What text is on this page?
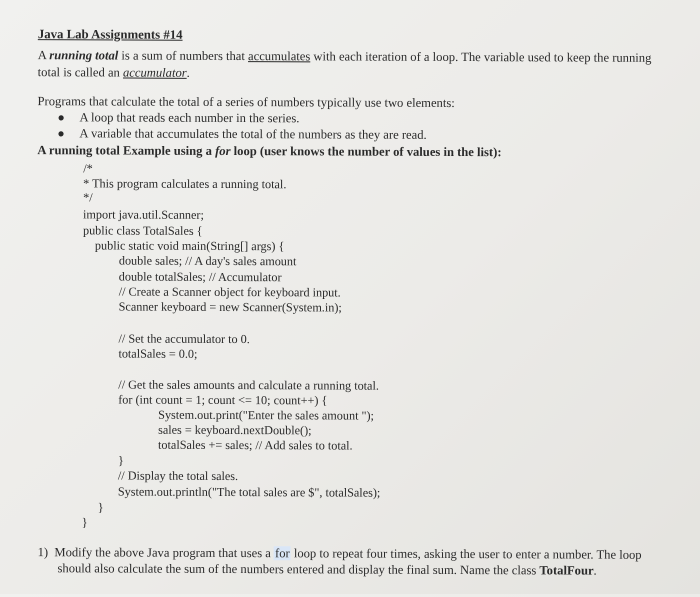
Java Lab Assignments #14
A running total is a sum of numbers that accumulates with each iteration of a loop. The variable used to keep the running
total is called an accumulator.
Programs that calculate the total of a series of numbers typically use two elements:
● A loop that reads each number in the series.
● A variable that accumulates the total of the numbers as they are read.
A running total Example using a for loop (user knows the number of values in the list):
/*
* This program calculates a running total.
*/
import java.util.Scanner;
public class TotalSales {
public static void main(String[] args) {
double sales; // A day's sales amount
double totalSales; // Accumulator
// Create a Scanner object for keyboard input.
Scanner keyboard = new Scanner(System.in);
// Set the accumulator to 0.
totalSales = 0.0;
// Get the sales amounts and calculate a running total.
for (int count = 1; count <= 10; count++) {
System.out.print("Enter the sales amount ");
sales = keyboard.nextDouble();
totalSales += sales; // Add sales to total.
}
// Display the total sales.
System.out.println("The total sales are $", totalSales);
}
}
1) Modify the above Java program that uses a for loop to repeat four times, asking the user to enter a number. The loop
should also calculate the sum of the numbers entered and display the final sum. Name the class TotalFour.
